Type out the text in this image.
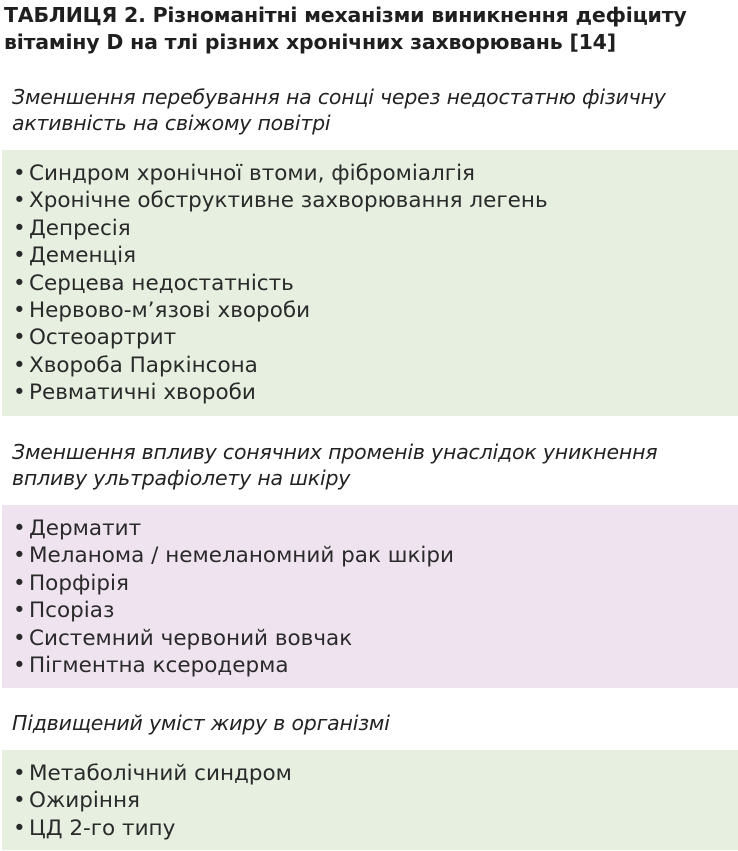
ТАБЛИЦЯ 2. Різноманітні механізми виникнення дефіциту вітаміну D на тлі різних хронічних захворювань [14]
Зменшення перебування на сонці через недостатню фізичну активність на свіжому повітрі
• Синдром хронічної втоми, фіброміалгія
• Хронічне обструктивне захворювання легень
• Депресія
• Деменція
• Серцева недостатність
• Нервово-м’язові хвороби
• Остеоартрит
• Хвороба Паркінсона
• Ревматичні хвороби
Зменшення впливу сонячних променів унаслідок уникнення впливу ультрафіолету на шкіру
• Дерматит
• Меланома / немеланомний рак шкіри
• Порфірія
• Псоріаз
• Системний червоний вовчак
• Пігментна ксеродерма
Підвищений уміст жиру в організмі
• Метаболічний синдром
• Ожиріння
• ЦД 2-го типу
